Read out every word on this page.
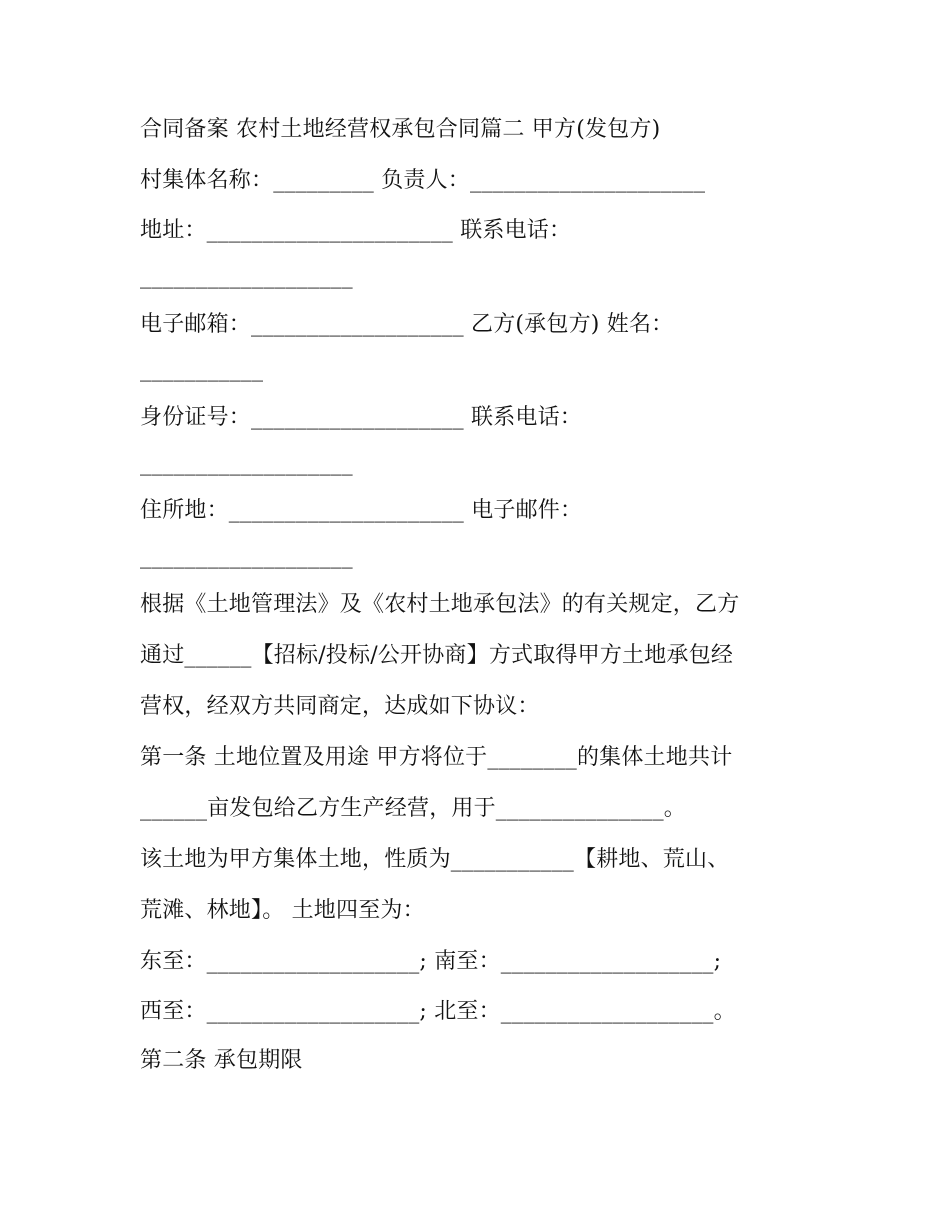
合同备案 农村土地经营权承包合同篇二 甲方(发包方)
村集体名称：_________ 负责人：_____________________
地址：______________________ 联系电话：
___________________
电子邮箱：___________________ 乙方(承包方) 姓名：
___________
身份证号：___________________ 联系电话：
___________________
住所地：_____________________ 电子邮件：
___________________
根据《土地管理法》及《农村土地承包法》的有关规定，乙方
通过______【招标/投标/公开协商】方式取得甲方土地承包经
营权，经双方共同商定，达成如下协议：
第一条 土地位置及用途 甲方将位于________的集体土地共计
______亩发包给乙方生产经营，用于_______________。
该土地为甲方集体土地，性质为___________【耕地、荒山、
荒滩、林地】。 土地四至为：
东至：___________________; 南至：___________________;
西至：___________________; 北至：___________________。
第二条 承包期限
